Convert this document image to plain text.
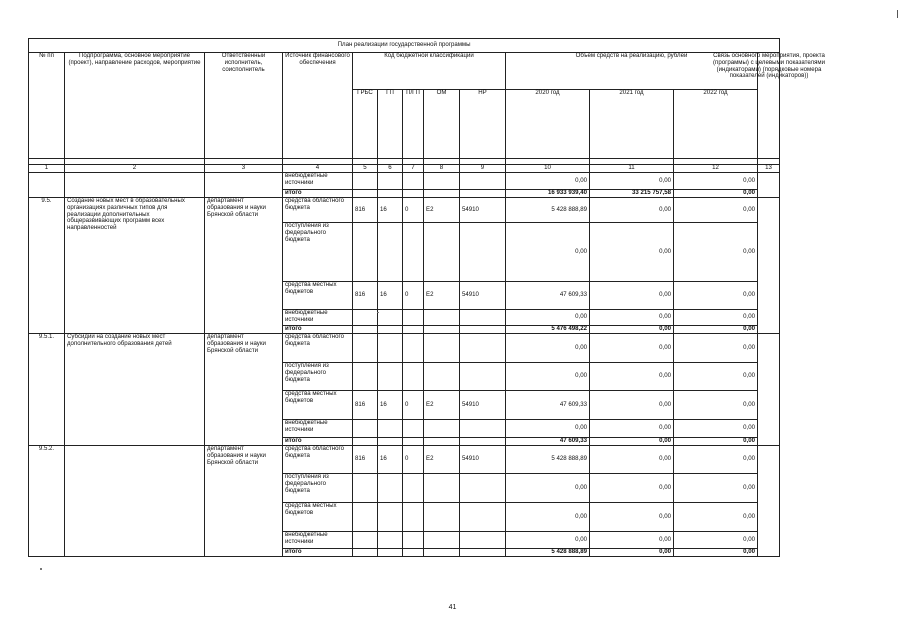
План реализации государственной программы												
№ пп	Подпрограмма, основное мероприятие (проект), направление расходов, мероприятие	Ответственный исполнитель, соисполнитель	Источник финансового обеспечения	Код бюджетной классификации					Объем средств на реализацию, рублей			Связь основного мероприятия, проекта (программы) с целевыми показателями (индикаторами) (порядковые номера показателей (индикаторов))

				ГРБС	ГП	П/ГП	ОМ	НР	2020 год	2021 год	2022 год	

1	2	3	4	5	6	7	8	9	10	11	12	13
			внебюджетные источники						0,00	0,00	0,00	
			итого						16 933 939,40	33 215 757,58	0,00	
9.5.	Создание новых мест в образовательных организациях различных типов для реализации дополнительных общеразвивающих программ всех направленностей	департамент образования и науки Брянской области	средства областного бюджета	816	16	0	E2	54910	5 428 888,89	0,00	0,00	
			поступления из федерального бюджета						0,00	0,00	0,00	
			средства местных бюджетов	816	16	0	E2	54910	47 609,33	0,00	0,00	
			внебюджетные источники						0,00	0,00	0,00	
			итого						5 476 498,22	0,00	0,00	
9.5.1.	Субсидии на создание новых мест дополнительного образования детей	департамент образования и науки Брянской области	средства областного бюджета						0,00	0,00	0,00	
			поступления из федерального бюджета						0,00	0,00	0,00	
			средства местных бюджетов	816	16	0	E2	54910	47 609,33	0,00	0,00	
			внебюджетные источники						0,00	0,00	0,00	
			итого						47 609,33	0,00	0,00	
9.5.2.		департамент образования и науки Брянской области	средства областного бюджета	816	16	0	E2	54910	5 428 888,89	0,00	0,00	
			поступления из федерального бюджета						0,00	0,00	0,00	
			средства местных бюджетов						0,00	0,00	0,00	
			внебюджетные источники						0,00	0,00	0,00	
			итого						5 428 888,89	0,00	0,00	
41
